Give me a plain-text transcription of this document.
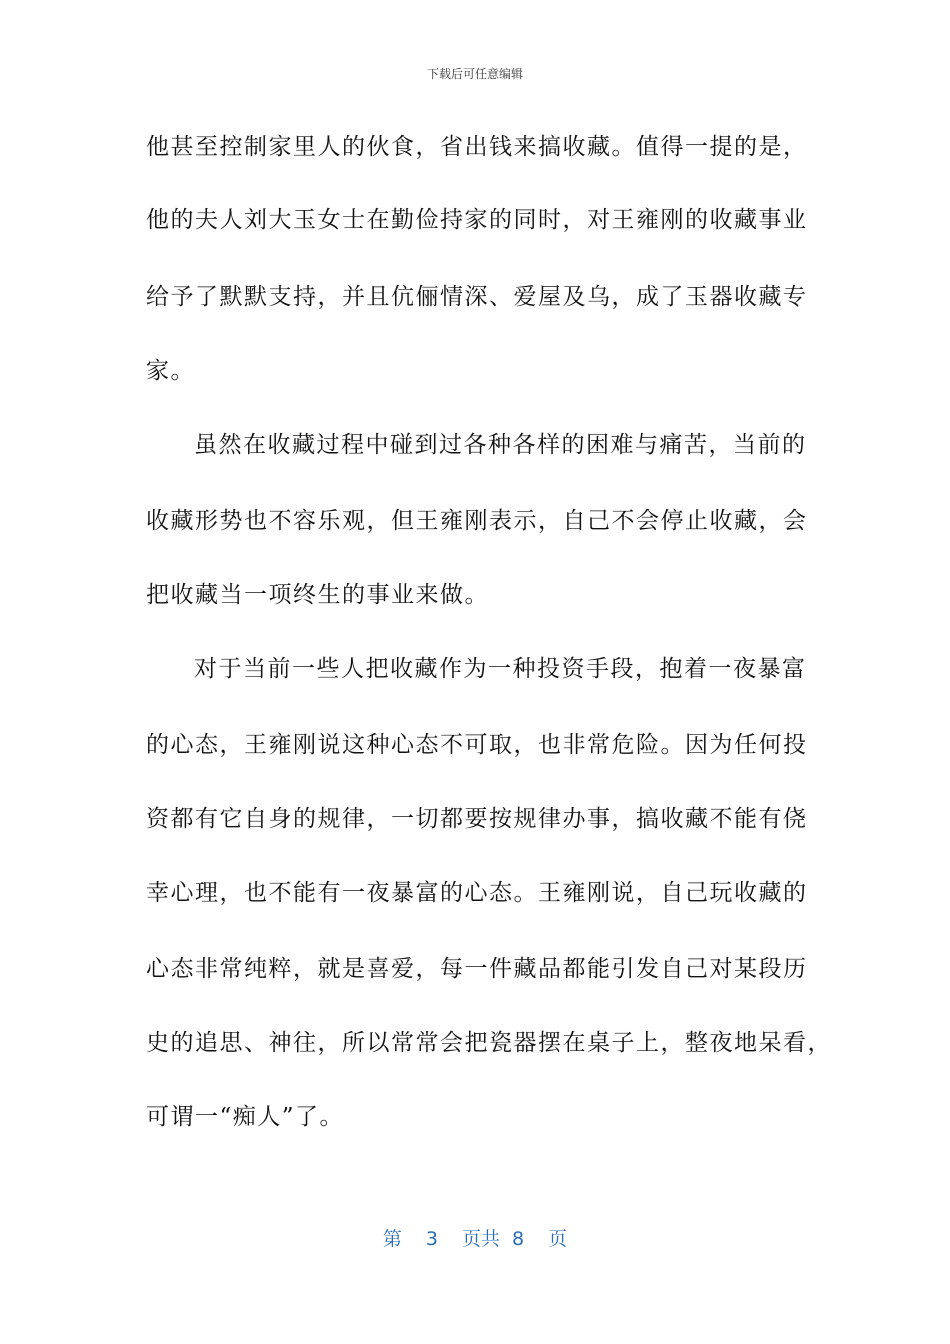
下载后可任意编辑
他甚至控制家里人的伙食，省出钱来搞收藏。值得一提的是，
他的夫人刘大玉女士在勤俭持家的同时，对王雍刚的收藏事业
给予了默默支持，并且伉俪情深、爱屋及乌，成了玉器收藏专
家。
虽然在收藏过程中碰到过各种各样的困难与痛苦，当前的
收藏形势也不容乐观，但王雍刚表示，自己不会停止收藏，会
把收藏当一项终生的事业来做。
对于当前一些人把收藏作为一种投资手段，抱着一夜暴富
的心态，王雍刚说这种心态不可取，也非常危险。因为任何投
资都有它自身的规律，一切都要按规律办事，搞收藏不能有侥
幸心理，也不能有一夜暴富的心态。王雍刚说，自己玩收藏的
心态非常纯粹，就是喜爱，每一件藏品都能引发自己对某段历
史的追思、神往，所以常常会把瓷器摆在桌子上，整夜地呆看，
可谓一“痴人”了。
第 3 页共 8 页
